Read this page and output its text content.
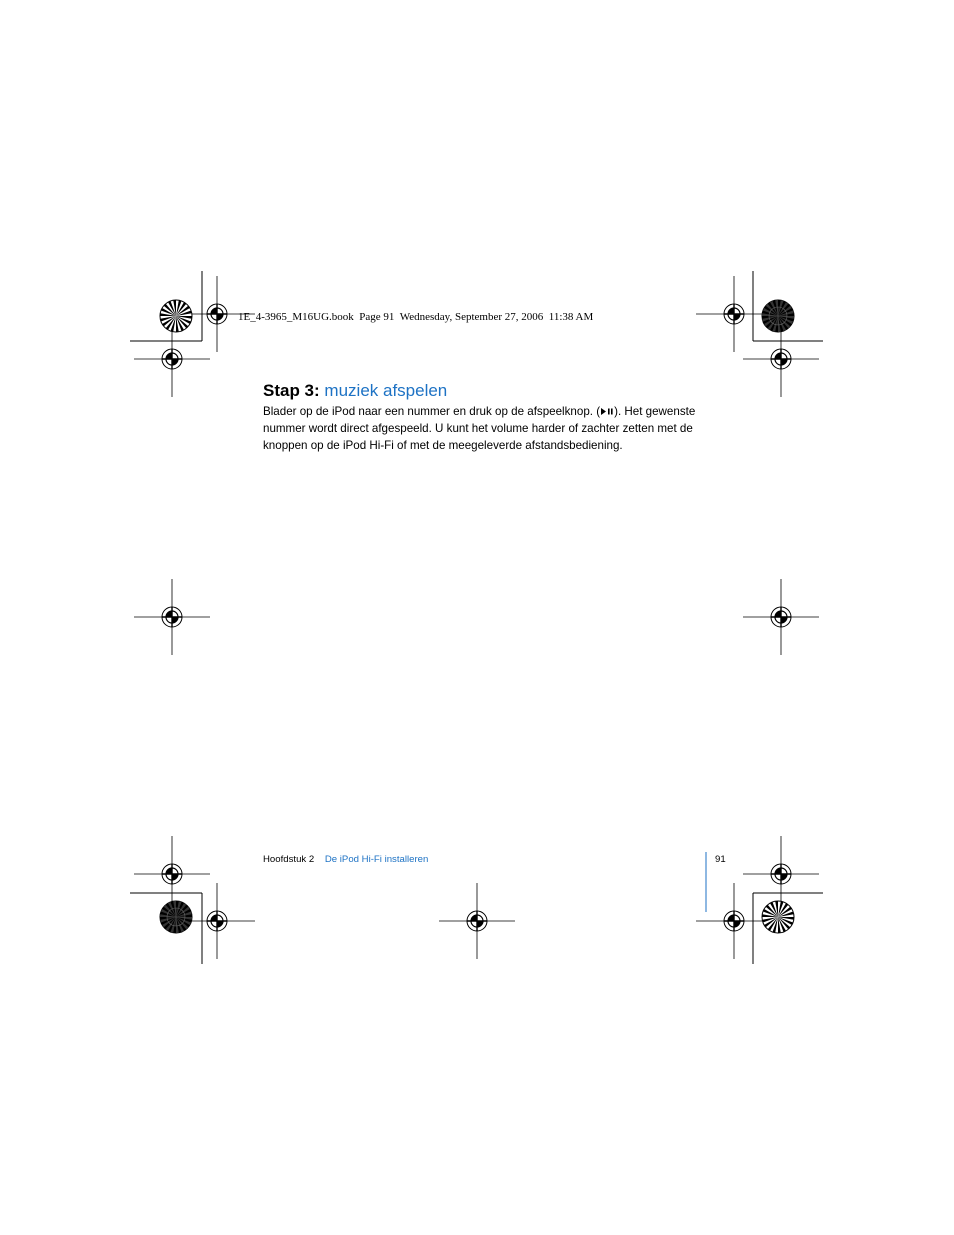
1E_4-3965_M16UG.book  Page 91  Wednesday, September 27, 2006  11:38 AM
Stap 3: muziek afspelen
Blader op de iPod naar een nummer en druk op de afspeelknop. ( ). Het gewenste
nummer wordt direct afgespeeld. U kunt het volume harder of zachter zetten met de
knoppen op de iPod Hi-Fi of met de meegeleverde afstandsbediening.
Hoofdstuk 2 De iPod Hi-Fi installeren	91
